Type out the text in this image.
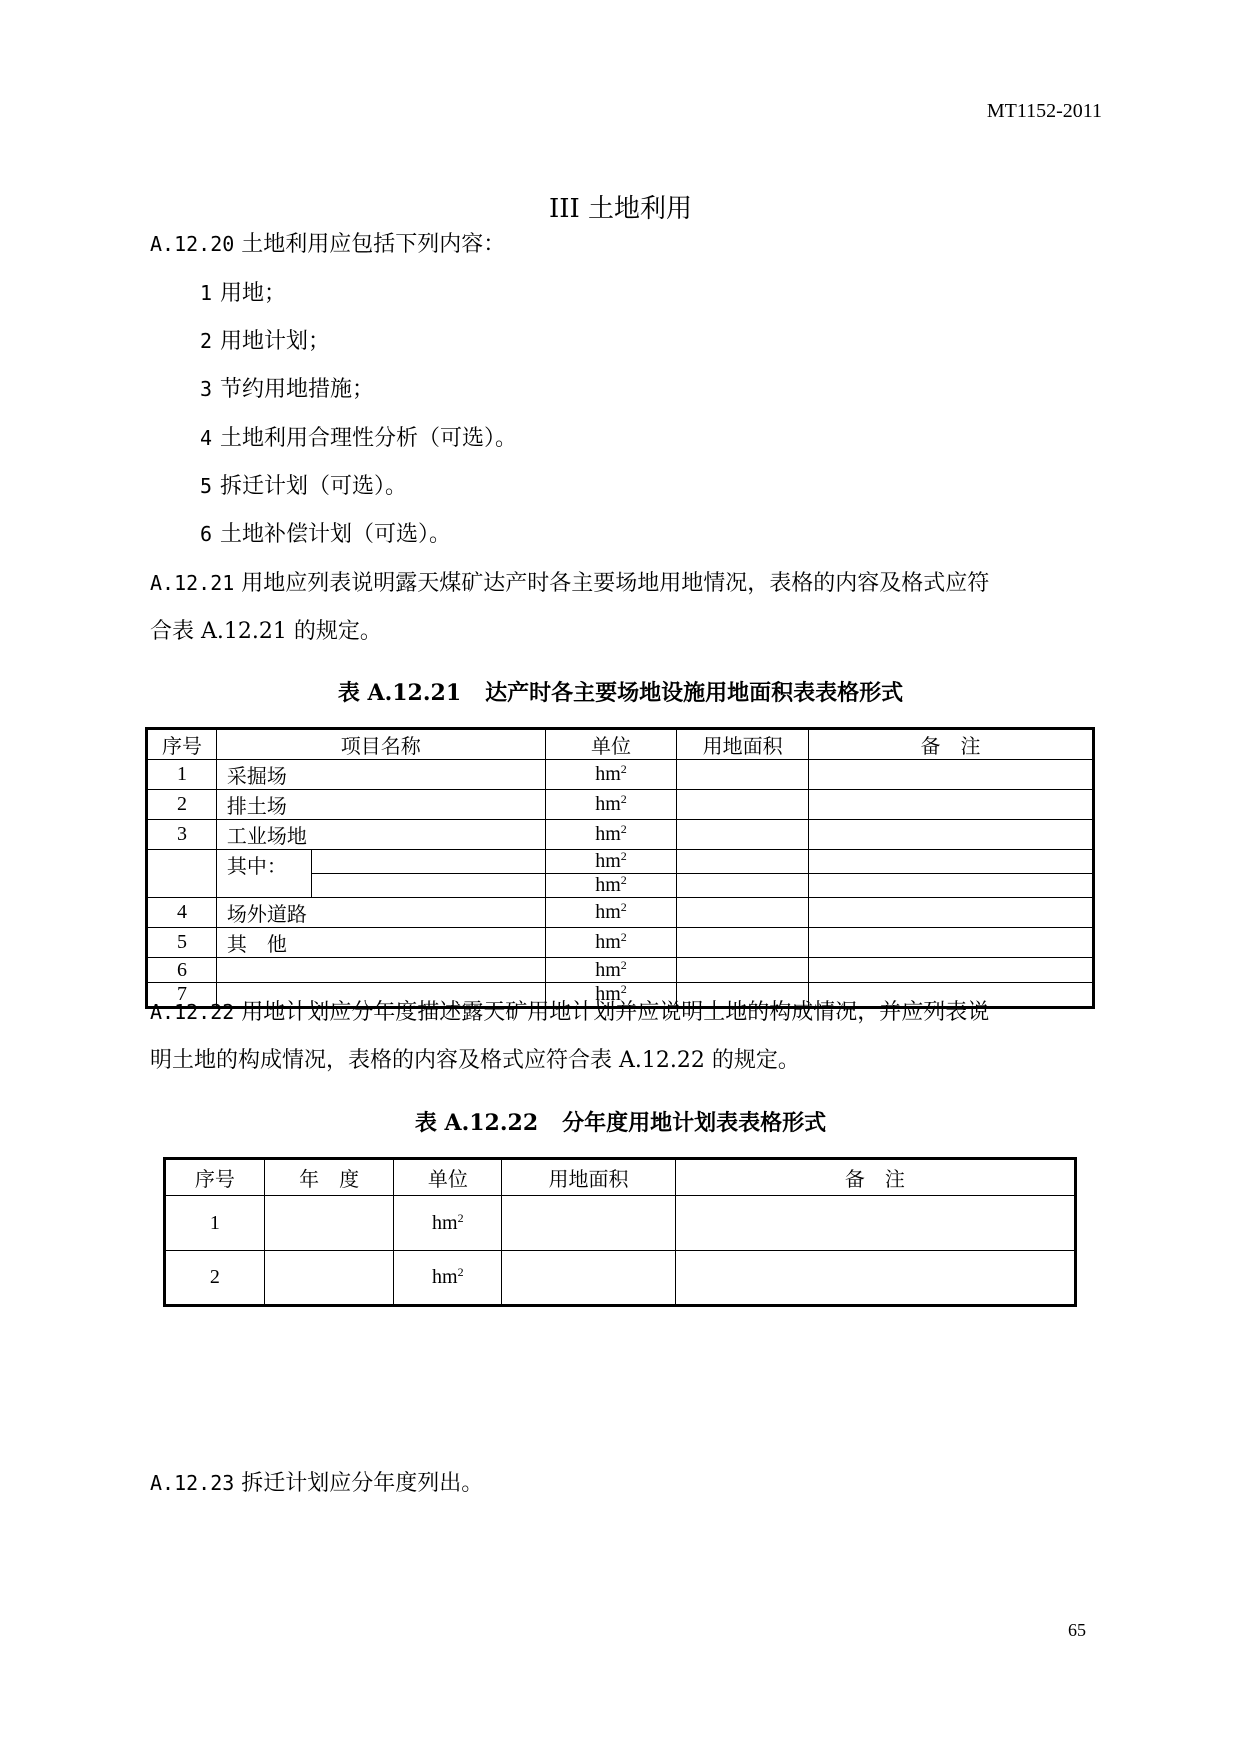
MT1152-2011
III 土地利用
A.12.20 土地利用应包括下列内容：
1 用地；
2 用地计划；
3 节约用地措施；
4 土地利用合理性分析（可选）。
5 拆迁计划（可选）。
6 土地补偿计划（可选）。
A.12.21 用地应列表说明露天煤矿达产时各主要场地用地情况，表格的内容及格式应符
合表 A.12.21 的规定。
表 A.12.21 达产时各主要场地设施用地面积表表格形式
序号	项目名称		单位	用地面积	备　注
1	采掘场		$hm^2$		
2	排土场		$hm^2$		
3	工业场地		$hm^2$		
	其中：		$hm^2$		
			$hm^2$		
4	场外道路		$hm^2$		
5	其　他		$hm^2$		
6			$hm^2$		
7			$hm^2$		
A.12.22 用地计划应分年度描述露天矿用地计划并应说明土地的构成情况，并应列表说
明土地的构成情况，表格的内容及格式应符合表 A.12.22 的规定。
表 A.12.22 分年度用地计划表表格形式
序号	年　度	单位	用地面积	备　注
1		$hm^2$		
2		$hm^2$		
A.12.23 拆迁计划应分年度列出。
65
